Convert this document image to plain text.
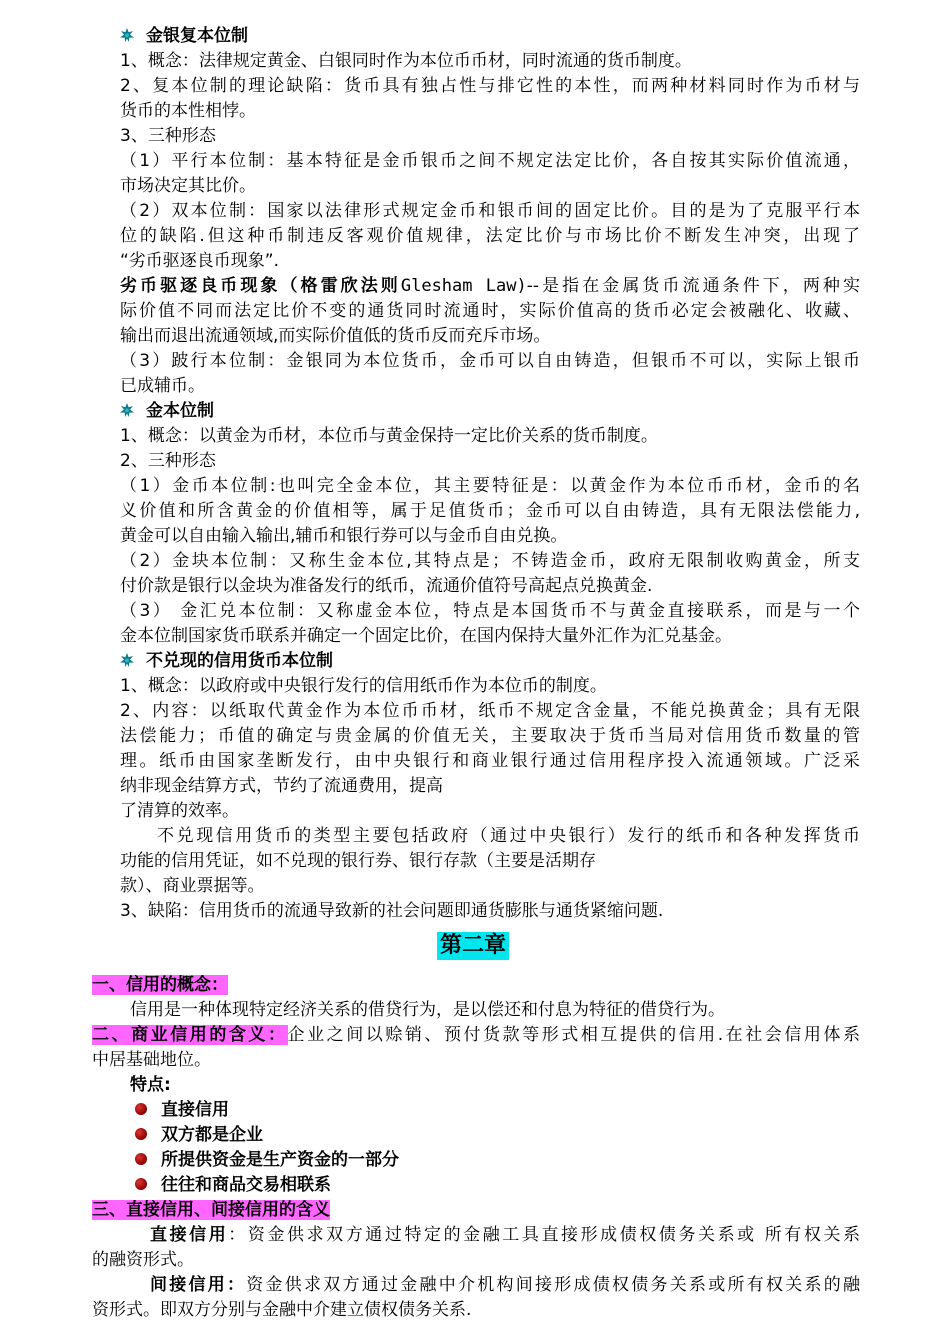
金银复本位制
1、概念：法律规定黄金、白银同时作为本位币币材，同时流通的货币制度。
2、复本位制的理论缺陷：货币具有独占性与排它性的本性，而两种材料同时作为币材与
货币的本性相悖。
3、三种形态
（1）平行本位制：基本特征是金币银币之间不规定法定比价，各自按其实际价值流通，
市场决定其比价。
（2）双本位制：国家以法律形式规定金币和银币间的固定比价。目的是为了克服平行本
位的缺陷.但这种币制违反客观价值规律，法定比价与市场比价不断发生冲突，出现了
“劣币驱逐良币现象”.
劣币驱逐良币现象（格雷欣法则Glesham Law)--是指在金属货币流通条件下，两种实
际价值不同而法定比价不变的通货同时流通时，实际价值高的货币必定会被融化、收藏、
输出而退出流通领域,而实际价值低的货币反而充斥市场。
（3）跛行本位制：金银同为本位货币，金币可以自由铸造，但银币不可以，实际上银币
已成辅币。
金本位制
1、概念：以黄金为币材，本位币与黄金保持一定比价关系的货币制度。
2、三种形态
（1）金币本位制:也叫完全金本位，其主要特征是：以黄金作为本位币币材，金币的名
义价值和所含黄金的价值相等，属于足值货币；金币可以自由铸造，具有无限法偿能力,
黄金可以自由输入输出,辅币和银行券可以与金币自由兑换。
（2）金块本位制：又称生金本位,其特点是；不铸造金币，政府无限制收购黄金，所支
付价款是银行以金块为准备发行的纸币，流通价值符号高起点兑换黄金.
（3） 金汇兑本位制：又称虚金本位，特点是本国货币不与黄金直接联系，而是与一个
金本位制国家货币联系并确定一个固定比价，在国内保持大量外汇作为汇兑基金。
不兑现的信用货币本位制
1、概念：以政府或中央银行发行的信用纸币作为本位币的制度。
2、内容：以纸取代黄金作为本位币币材，纸币不规定含金量，不能兑换黄金；具有无限
法偿能力；币值的确定与贵金属的价值无关，主要取决于货币当局对信用货币数量的管
理。纸币由国家垄断发行，由中央银行和商业银行通过信用程序投入流通领域。广泛采
纳非现金结算方式，节约了流通费用，提高
了清算的效率。
不兑现信用货币的类型主要包括政府（通过中央银行）发行的纸币和各种发挥货币
功能的信用凭证，如不兑现的银行券、银行存款（主要是活期存
款）、商业票据等。
3、缺陷：信用货币的流通导致新的社会问题即通货膨胀与通货紧缩问题.
第二章
一、信用的概念：
信用是一种体现特定经济关系的借贷行为，是以偿还和付息为特征的借贷行为。
二、商业信用的含义：企业之间以赊销、预付货款等形式相互提供的信用.在社会信用体系
中居基础地位。
特点:
直接信用
双方都是企业
所提供资金是生产资金的一部分
往往和商品交易相联系
三、直接信用、间接信用的含义
直接信用：资金供求双方通过特定的金融工具直接形成债权债务关系或 所有权关系
的融资形式。
间接信用：资金供求双方通过金融中介机构间接形成债权债务关系或所有权关系的融
资形式。即双方分别与金融中介建立债权债务关系.
